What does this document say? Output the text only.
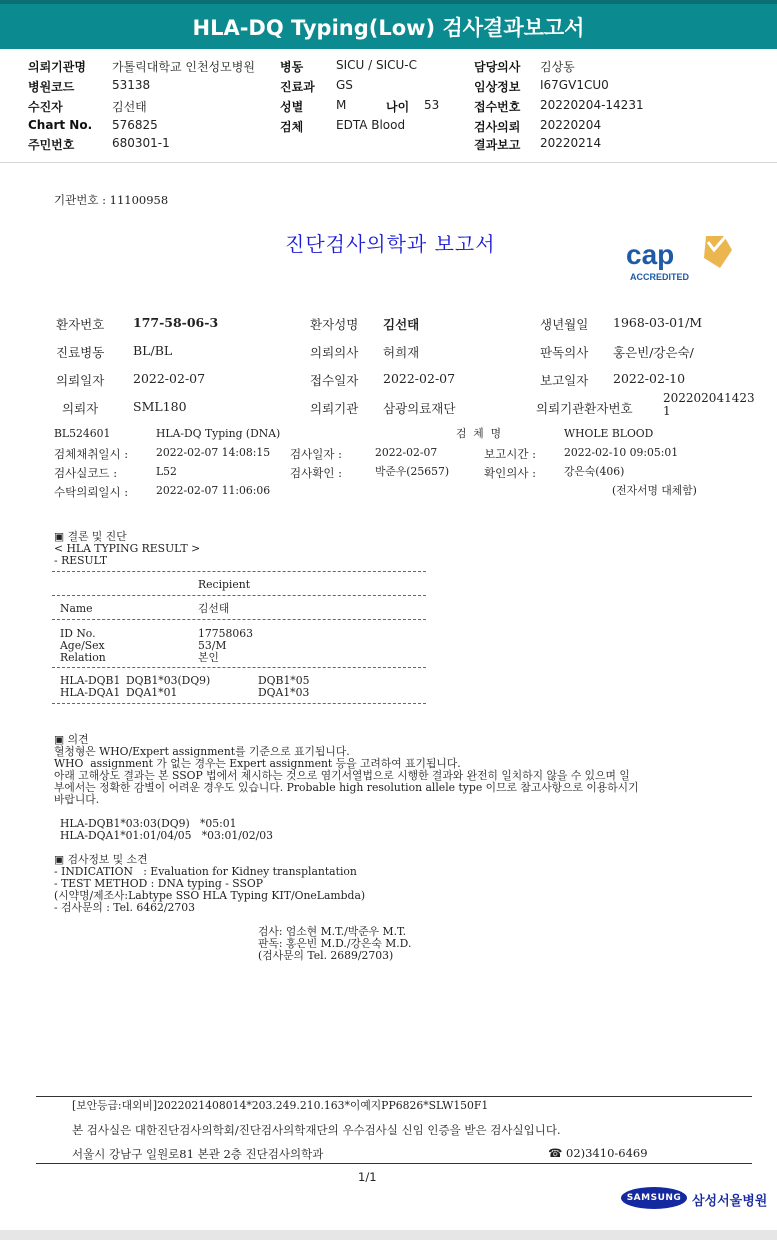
HLA-DQ Typing(Low) 검사결과보고서
의뢰기관명 가톨릭대학교 인천성모병원 병동	SICU / SICU-C	담당의사 김상동
병원코드	53138	진료과 GS	임상정보 I67GV1CU0
수진자	김선태	성별	M	나이 53	접수번호 20220204-14231
Chart No. 576825	검체	EDTA Blood	검사의뢰 20220204
주민번호	680301-1	결과보고 20220214
기관번호 : 11100958
진단검사의학과 보고서	cap
ACCREDITED
환자번호 177-58-06-3	환자성명 김선태	생년월일 1968-03-01/M
진료병동 BL/BL	의뢰의사 허희재	판독의사 홍은빈/강은숙/
의뢰일자 2022-02-07	접수일자 2022-02-07	보고일자 2022-02-10
의뢰자	SML180	의뢰기관 삼광의료재단	의뢰기관환자번호
202202041423
1
BL524601	HLA-DQ Typing (DNA)	검  체  명	WHOLE BLOOD
검체채취일시 :	2022-02-07 14:08:15 검사일자 :	2022-02-07	보고시간 :	2022-02-10 09:05:01
검사실코드 :	L52	검사확인 :	박준우(25657)	확인의사 :	강은숙(406)
수탁의뢰일시 :	2022-02-07 11:06:06	(전자서명 대체함)
▣ 결론 및 진단
< HLA TYPING RESULT >
- RESULT
Recipient
Name	김선태
ID No.	17758063
Age/Sex	53/M
Relation	본인
HLA-DQB1 DQB1*03(DQ9)	DQB1*05
HLA-DQA1 DQA1*01	DQA1*03
▣ 의견
혈청형은 WHO/Expert assignment를 기준으로 표기됩니다.
WHO  assignment 가 없는 경우는 Expert assignment 등을 고려하여 표기됩니다.
아래 고해상도 결과는 본 SSOP 법에서 제시하는 것으로 염기서열법으로 시행한 결과와 완전히 일치하지 않을 수 있으며 일
부에서는 정확한 감별이 어려운 경우도 있습니다. Probable high resolution allele type 이므로 참고사항으로 이용하시기
바랍니다.
HLA-DQB1*03:03(DQ9)   *05:01
HLA-DQA1*01:01/04/05   *03:01/02/03
▣ 검사정보 및 소견
- INDICATION   : Evaluation for Kidney transplantation
- TEST METHOD : DNA typing - SSOP
(시약명/제조사:Labtype SSO HLA Typing KIT/OneLambda)
- 검사문의 : Tel. 6462/2703
검사: 엄소현 M.T./박준우 M.T.
판독: 홍은빈 M.D./강은숙 M.D.
(검사문의 Tel. 2689/2703)
[보안등급:대외비]2022021408014*203.249.210.163*이예지PP6826*SLW150F1
본 검사실은 대한진단검사의학회/진단검사의학재단의 우수검사실 신임 인증을 받은 검사실입니다.
서울시 강남구 일원로81 본관 2층 진단검사의학과	☎ 02)3410-6469
1/1
SAMSUNG 삼성서울병원
